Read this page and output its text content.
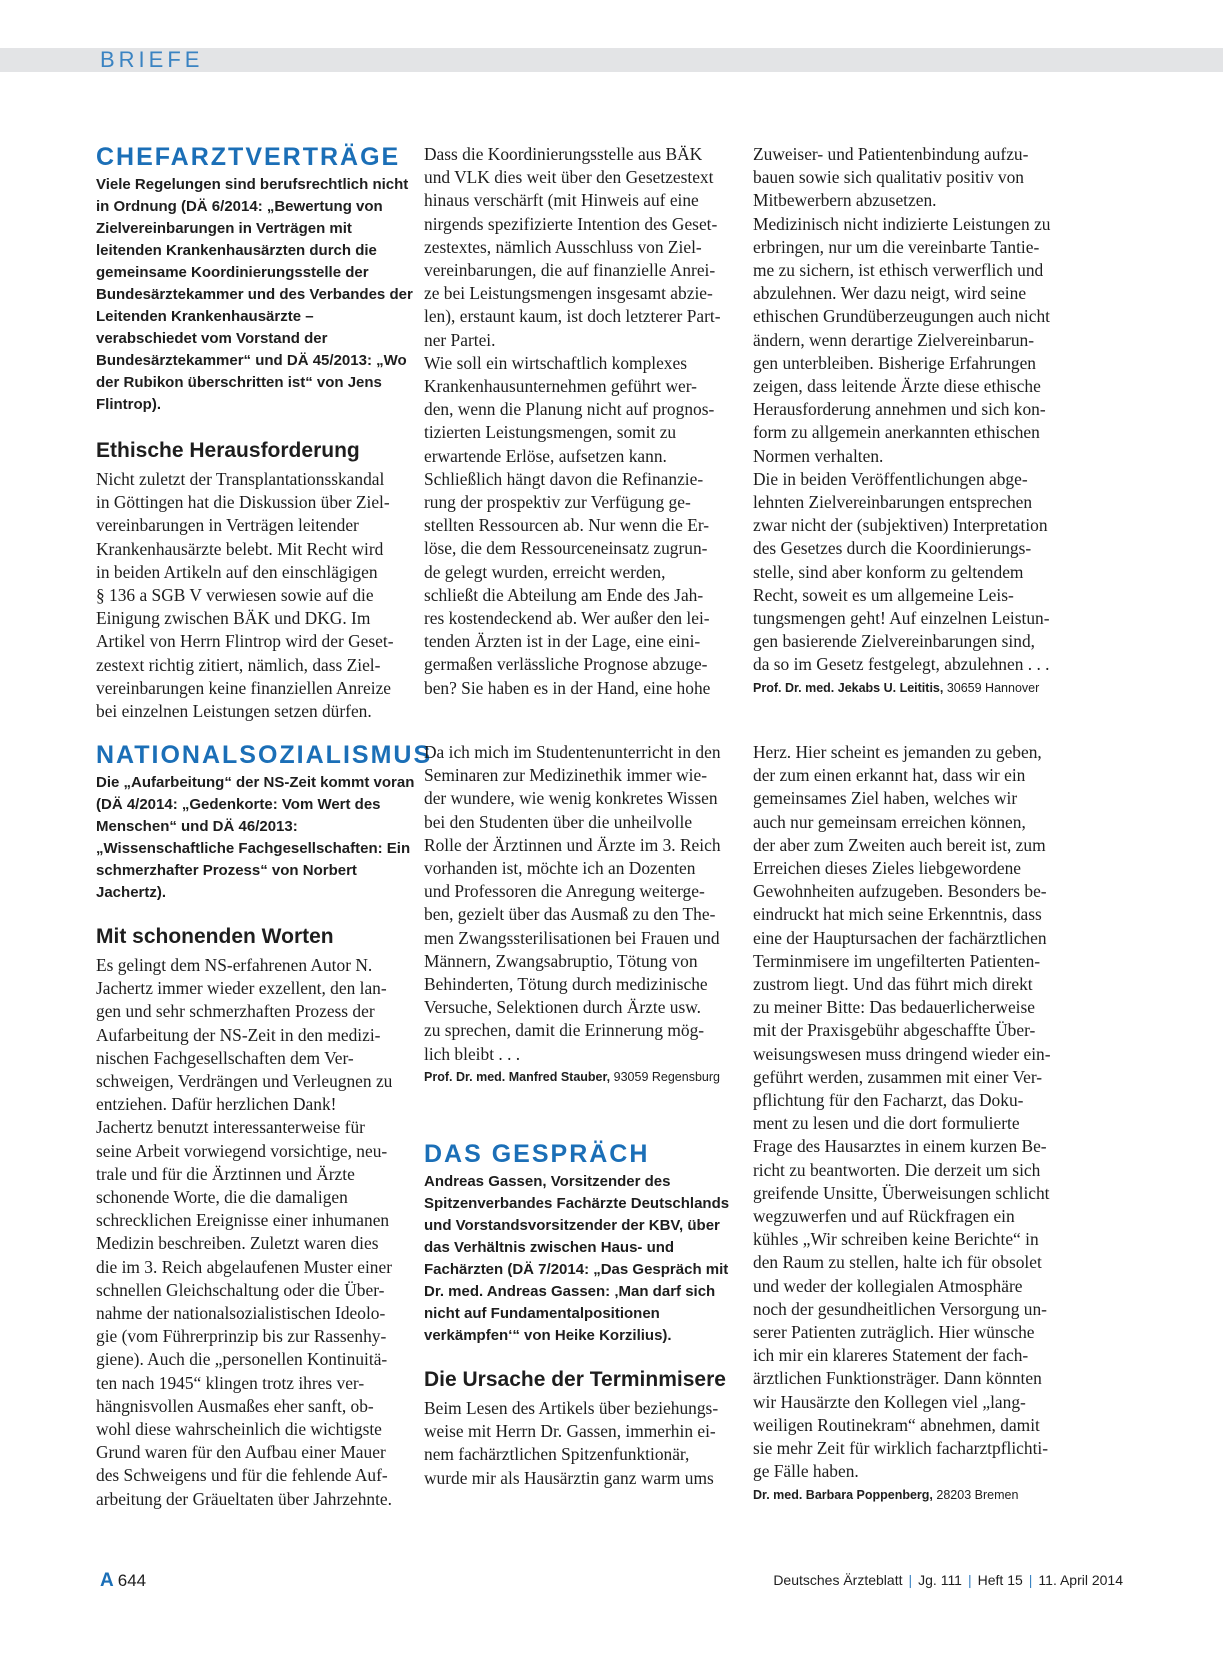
BRIEFE
CHEFARZTVERTRÄGE

Viele Regelungen sind berufsrechtlich nicht in Ordnung (DÄ 6/2014: „Bewertung von Zielvereinbarungen in Verträgen mit leitenden Krankenhausärzten durch die gemeinsame Koordinierungsstelle der Bundesärztekammer und des Verbandes der Leitenden Krankenhausärzte – verabschiedet vom Vorstand der Bundesärztekammer“ und DÄ 45/2013: „Wo der Rubikon überschritten ist“ von Jens Flintrop).

Ethische Herausforderung

Nicht zuletzt der Transplantationsskandal
in Göttingen hat die Diskussion über Ziel-
vereinbarungen in Verträgen leitender
Krankenhausärzte belebt. Mit Recht wird
in beiden Artikeln auf den einschlägigen
§ 136 a SGB V verwiesen sowie auf die
Einigung zwischen BÄK und DKG. Im
Artikel von Herrn Flintrop wird der Geset-
zestext richtig zitiert, nämlich, dass Ziel-
vereinbarungen keine finanziellen Anreize
bei einzelnen Leistungen setzen dürfen.

Dass die Koordinierungsstelle aus BÄK
und VLK dies weit über den Gesetzestext
hinaus verschärft (mit Hinweis auf eine
nirgends spezifizierte Intention des Geset-
zestextes, nämlich Ausschluss von Ziel-
vereinbarungen, die auf finanzielle Anrei-
ze bei Leistungsmengen insgesamt abzie-
len), erstaunt kaum, ist doch letzterer Part-
ner Partei.
Wie soll ein wirtschaftlich komplexes
Krankenhausunternehmen geführt wer-
den, wenn die Planung nicht auf prognos-
tizierten Leistungsmengen, somit zu
erwartende Erlöse, aufsetzen kann.
Schließlich hängt davon die Refinanzie-
rung der prospektiv zur Verfügung ge-
stellten Ressourcen ab. Nur wenn die Er-
löse, die dem Ressourceneinsatz zugrun-
de gelegt wurden, erreicht werden,
schließt die Abteilung am Ende des Jah-
res kostendeckend ab. Wer außer den lei-
tenden Ärzten ist in der Lage, eine eini-
germaßen verlässliche Prognose abzuge-
ben? Sie haben es in der Hand, eine hohe

Zuweiser- und Patientenbindung aufzu-
bauen sowie sich qualitativ positiv von
Mitbewerbern abzusetzen.
Medizinisch nicht indizierte Leistungen zu
erbringen, nur um die vereinbarte Tantie-
me zu sichern, ist ethisch verwerflich und
abzulehnen. Wer dazu neigt, wird seine
ethischen Grundüberzeugungen auch nicht
ändern, wenn derartige Zielvereinbarun-
gen unterbleiben. Bisherige Erfahrungen
zeigen, dass leitende Ärzte diese ethische
Herausforderung annehmen und sich kon-
form zu allgemein anerkannten ethischen
Normen verhalten.
Die in beiden Veröffentlichungen abge-
lehnten Zielvereinbarungen entsprechen
zwar nicht der (subjektiven) Interpretation
des Gesetzes durch die Koordinierungs-
stelle, sind aber konform zu geltendem
Recht, soweit es um allgemeine Leis-
tungsmengen geht! Auf einzelnen Leistun-
gen basierende Zielvereinbarungen sind,
da so im Gesetz festgelegt, abzulehnen . . .

Prof. Dr. med. Jekabs U. Leititis, 30659 Hannover

NATIONALSOZIALISMUS

Die „Aufarbeitung“ der NS-Zeit kommt voran (DÄ 4/2014: „Gedenkorte: Vom Wert des Menschen“ und DÄ 46/2013: „Wissenschaftliche Fachgesellschaften: Ein schmerzhafter Prozess“ von Norbert Jachertz).

Mit schonenden Worten

Es gelingt dem NS-erfahrenen Autor N.
Jachertz immer wieder exzellent, den lan-
gen und sehr schmerzhaften Prozess der
Aufarbeitung der NS-Zeit in den medizi-
nischen Fachgesellschaften dem Ver-
schweigen, Verdrängen und Verleugnen zu
entziehen. Dafür herzlichen Dank!
Jachertz benutzt interessanterweise für
seine Arbeit vorwiegend vorsichtige, neu-
trale und für die Ärztinnen und Ärzte
schonende Worte, die die damaligen
schrecklichen Ereignisse einer inhumanen
Medizin beschreiben. Zuletzt waren dies
die im 3. Reich abgelaufenen Muster einer
schnellen Gleichschaltung oder die Über-
nahme der nationalsozialistischen Ideolo-
gie (vom Führerprinzip bis zur Rassenhy-
giene). Auch die „personellen Kontinuitä-
ten nach 1945“ klingen trotz ihres ver-
hängnisvollen Ausmaßes eher sanft, ob-
wohl diese wahrscheinlich die wichtigste
Grund waren für den Aufbau einer Mauer
des Schweigens und für die fehlende Auf-
arbeitung der Gräueltaten über Jahrzehnte.

Da ich mich im Studentenunterricht in den
Seminaren zur Medizinethik immer wie-
der wundere, wie wenig konkretes Wissen
bei den Studenten über die unheilvolle
Rolle der Ärztinnen und Ärzte im 3. Reich
vorhanden ist, möchte ich an Dozenten
und Professoren die Anregung weiterge-
ben, gezielt über das Ausmaß zu den The-
men Zwangssterilisationen bei Frauen und
Männern, Zwangsabruptio, Tötung von
Behinderten, Tötung durch medizinische
Versuche, Selektionen durch Ärzte usw.
zu sprechen, damit die Erinnerung mög-
lich bleibt . . .

Prof. Dr. med. Manfred Stauber, 93059 Regensburg

DAS GESPRÄCH

Andreas Gassen, Vorsitzender des Spitzenverbandes Fachärzte Deutschlands und Vorstandsvorsitzender der KBV, über das Verhältnis zwischen Haus- und Fachärzten (DÄ 7/2014: „Das Gespräch mit Dr. med. Andreas Gassen: ‚Man darf sich nicht auf Fundamentalpositionen verkämpfen‘“ von Heike Korzilius).

Die Ursache der Terminmisere

Beim Lesen des Artikels über beziehungs-
weise mit Herrn Dr. Gassen, immerhin ei-
nem fachärztlichen Spitzenfunktionär,
wurde mir als Hausärztin ganz warm ums

Herz. Hier scheint es jemanden zu geben,
der zum einen erkannt hat, dass wir ein
gemeinsames Ziel haben, welches wir
auch nur gemeinsam erreichen können,
der aber zum Zweiten auch bereit ist, zum
Erreichen dieses Zieles liebgewordene
Gewohnheiten aufzugeben. Besonders be-
eindruckt hat mich seine Erkenntnis, dass
eine der Hauptursachen der fachärztlichen
Terminmisere im ungefilterten Patienten-
zustrom liegt. Und das führt mich direkt
zu meiner Bitte: Das bedauerlicherweise
mit der Praxisgebühr abgeschaffte Über-
weisungswesen muss dringend wieder ein-
geführt werden, zusammen mit einer Ver-
pflichtung für den Facharzt, das Doku-
ment zu lesen und die dort formulierte
Frage des Hausarztes in einem kurzen Be-
richt zu beantworten. Die derzeit um sich
greifende Unsitte, Überweisungen schlicht
wegzuwerfen und auf Rückfragen ein
kühles „Wir schreiben keine Berichte“ in
den Raum zu stellen, halte ich für obsolet
und weder der kollegialen Atmosphäre
noch der gesundheitlichen Versorgung un-
serer Patienten zuträglich. Hier wünsche
ich mir ein klareres Statement der fach-
ärztlichen Funktionsträger. Dann könnten
wir Hausärzte den Kollegen viel „lang-
weiligen Routinekram“ abnehmen, damit
sie mehr Zeit für wirklich facharztpflichti-
ge Fälle haben.

Dr. med. Barbara Poppenberg, 28203 Bremen

A 644	Deutsches Ärzteblatt | Jg. 111 | Heft 15 | 11. April 2014
